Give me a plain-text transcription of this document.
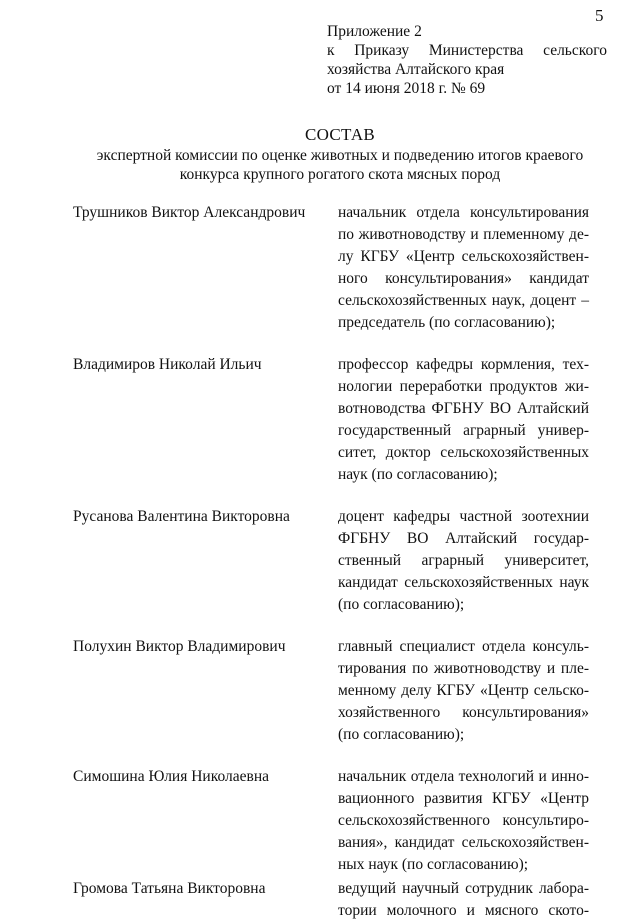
5
Приложение 2
к Приказу Министерства сельского
хозяйства Алтайского края
от 14 июня 2018 г. № 69
СОСТАВ
экспертной комиссии по оценке животных и подведению итогов краевого
конкурса крупного рогатого скота мясных пород
Трушников Виктор Александрович	начальник отдела консультирования
по животноводству и племенному де-
лу КГБУ «Центр сельскохозяйствен-
ного консультирования» кандидат
сельскохозяйственных наук, доцент –
председатель (по согласованию);
Владимиров Николай Ильич	профессор кафедры кормления, тех-
нологии переработки продуктов жи-
вотноводства ФГБНУ ВО Алтайский
государственный аграрный универ-
ситет, доктор сельскохозяйственных
наук (по согласованию);
Русанова Валентина Викторовна	доцент кафедры частной зоотехнии
ФГБНУ ВО Алтайский государ-
ственный аграрный университет,
кандидат сельскохозяйственных наук
(по согласованию);
Полухин Виктор Владимирович	главный специалист отдела консуль-
тирования по животноводству и пле-
менному делу КГБУ «Центр сельско-
хозяйственного консультирования»
(по согласованию);
Симошина Юлия Николаевна	начальник отдела технологий и инно-
вационного развития КГБУ «Центр
сельскохозяйственного консультиро-
вания», кандидат сельскохозяйствен-
ных наук (по согласованию);
Громова Татьяна Викторовна	ведущий научный сотрудник лабора-
тории молочного и мясного ското-
